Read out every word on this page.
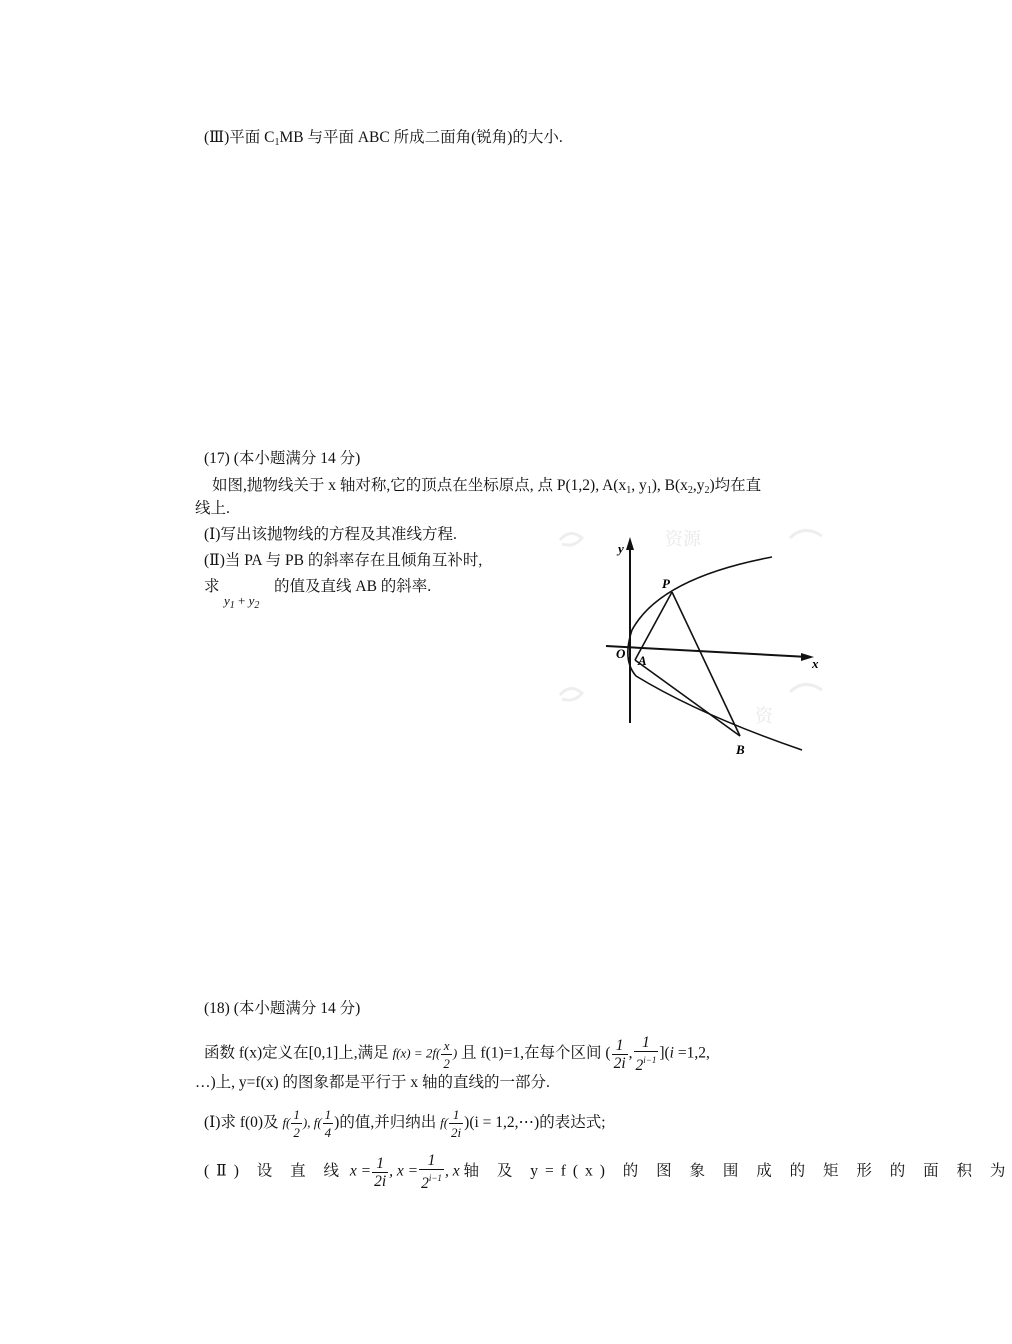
(Ⅲ)平面 $C_1MB$ 与平面 ABC 所成二面角(锐角)的大小.
(17) (本小题满分 14 分)
如图,抛物线关于 x 轴对称,它的顶点在坐标原点, 点 P(1,2), $A(x_1$, $y_1$), $B(x_2,y_2)$均在直
线上.
(Ⅰ)写出该抛物线的方程及其准线方程.
(Ⅱ)当 PA 与 PB 的斜率存在且倾角互补时,
求
$y_1 + y_2$
的值及直线 AB 的斜率.
资源
资
y
x
O
P
A
B
(18) (本小题满分 14 分)
函数 f(x)定义在[0,1]上,满足 $f(x) = 2f( \frac{x}{2}$ ) 且 f(1)=1,在每个区间 ( $\frac{1}{2i}$ , $\frac{1}{2^{i-1}} ](i =1,2$,
…)上, y=f(x) 的图象都是平行于 x 轴的直线的一部分.
(Ⅰ)求 f(0)及 $f( \frac{1}{2}$ ), $f( \frac{1}{4}$ )的值,并归纳出 $f( \frac{1}{2i} )(i$ = 1,2,⋯)的表达式;
(Ⅱ) 设 直 线 $x = \frac{1}{2i}$ , $x = \frac{1}{2^{i-1}}$ , x 轴 及 y=f(x) 的 图 象 围 成 的 矩 形 的 面 积 为
